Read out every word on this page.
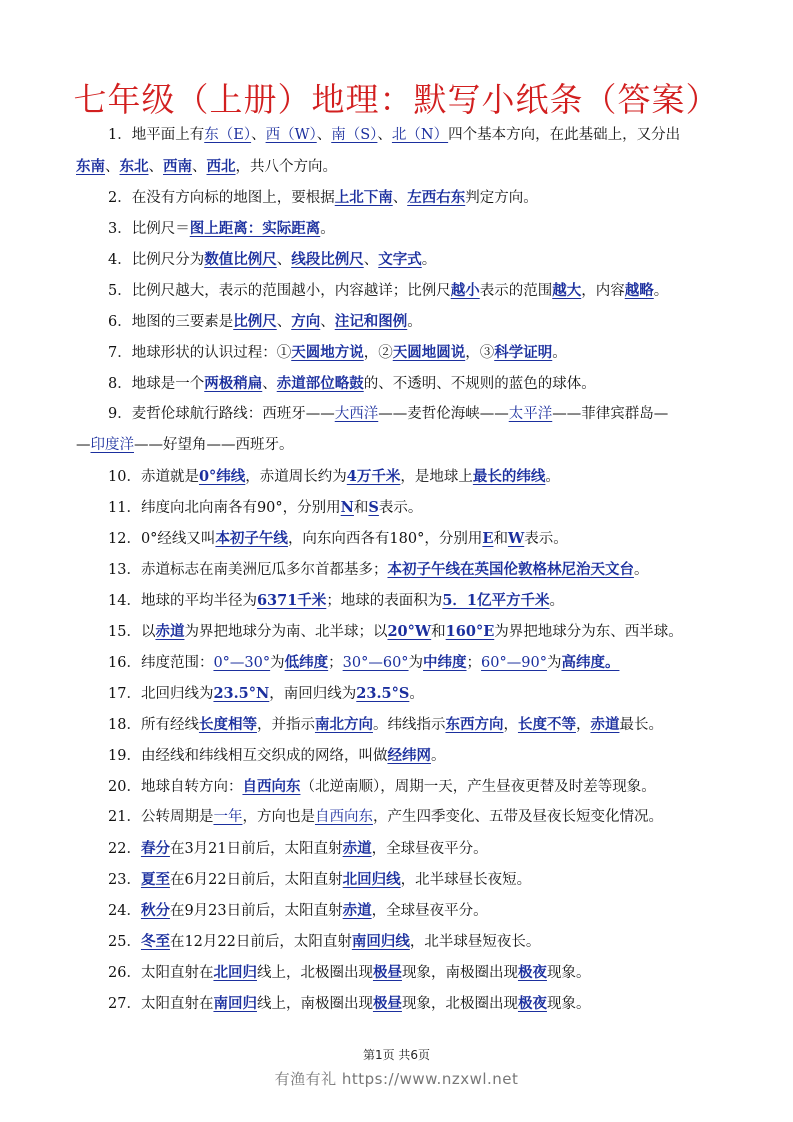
七年级（上册）地理：默写小纸条（答案）
1．地平面上有东（E）、西（W）、南（S）、北（N）四个基本方向，在此基础上，又分出
东南、东北、西南、西北，共八个方向。
2．在没有方向标的地图上，要根据上北下南、左西右东判定方向。
3．比例尺＝图上距离：实际距离。
4．比例尺分为数值比例尺、线段比例尺、文字式。
5．比例尺越大，表示的范围越小，内容越详；比例尺越小表示的范围越大，内容越略。
6．地图的三要素是比例尺、方向、注记和图例。
7．地球形状的认识过程：①天圆地方说，②天圆地圆说，③科学证明。
8．地球是一个两极稍扁、赤道部位略鼓的、不透明、不规则的蓝色的球体。
9．麦哲伦球航行路线：西班牙——大西洋——麦哲伦海峡——太平洋——菲律宾群岛—
—印度洋——好望角——西班牙。
10．赤道就是0°纬线，赤道周长约为4万千米，是地球上最长的纬线。
11．纬度向北向南各有90°，分别用N和S表示。
12．0°经线又叫本初子午线，向东向西各有180°，分别用E和W表示。
13．赤道标志在南美洲厄瓜多尔首都基多；本初子午线在英国伦敦格林尼治天文台。
14．地球的平均半径为6371千米；地球的表面积为5．1亿平方千米。
15．以赤道为界把地球分为南、北半球；以20°W和160°E为界把地球分为东、西半球。
16．纬度范围：0°—30°为低纬度；30°—60°为中纬度；60°—90°为高纬度。
17．北回归线为23.5°N，南回归线为23.5°S。
18．所有经线长度相等，并指示南北方向。纬线指示东西方向，长度不等，赤道最长。
19．由经线和纬线相互交织成的网络，叫做经纬网。
20．地球自转方向：自西向东（北逆南顺），周期一天，产生昼夜更替及时差等现象。
21．公转周期是一年，方向也是自西向东，产生四季变化、五带及昼夜长短变化情况。
22．春分在3月21日前后，太阳直射赤道，全球昼夜平分。
23．夏至在6月22日前后，太阳直射北回归线，北半球昼长夜短。
24．秋分在9月23日前后，太阳直射赤道，全球昼夜平分。
25．冬至在12月22日前后，太阳直射南回归线，北半球昼短夜长。
26．太阳直射在北回归线上，北极圈出现极昼现象，南极圈出现极夜现象。
27．太阳直射在南回归线上，南极圈出现极昼现象，北极圈出现极夜现象。
第1页 共6页
有渔有礼 https://www.nzxwl.net
